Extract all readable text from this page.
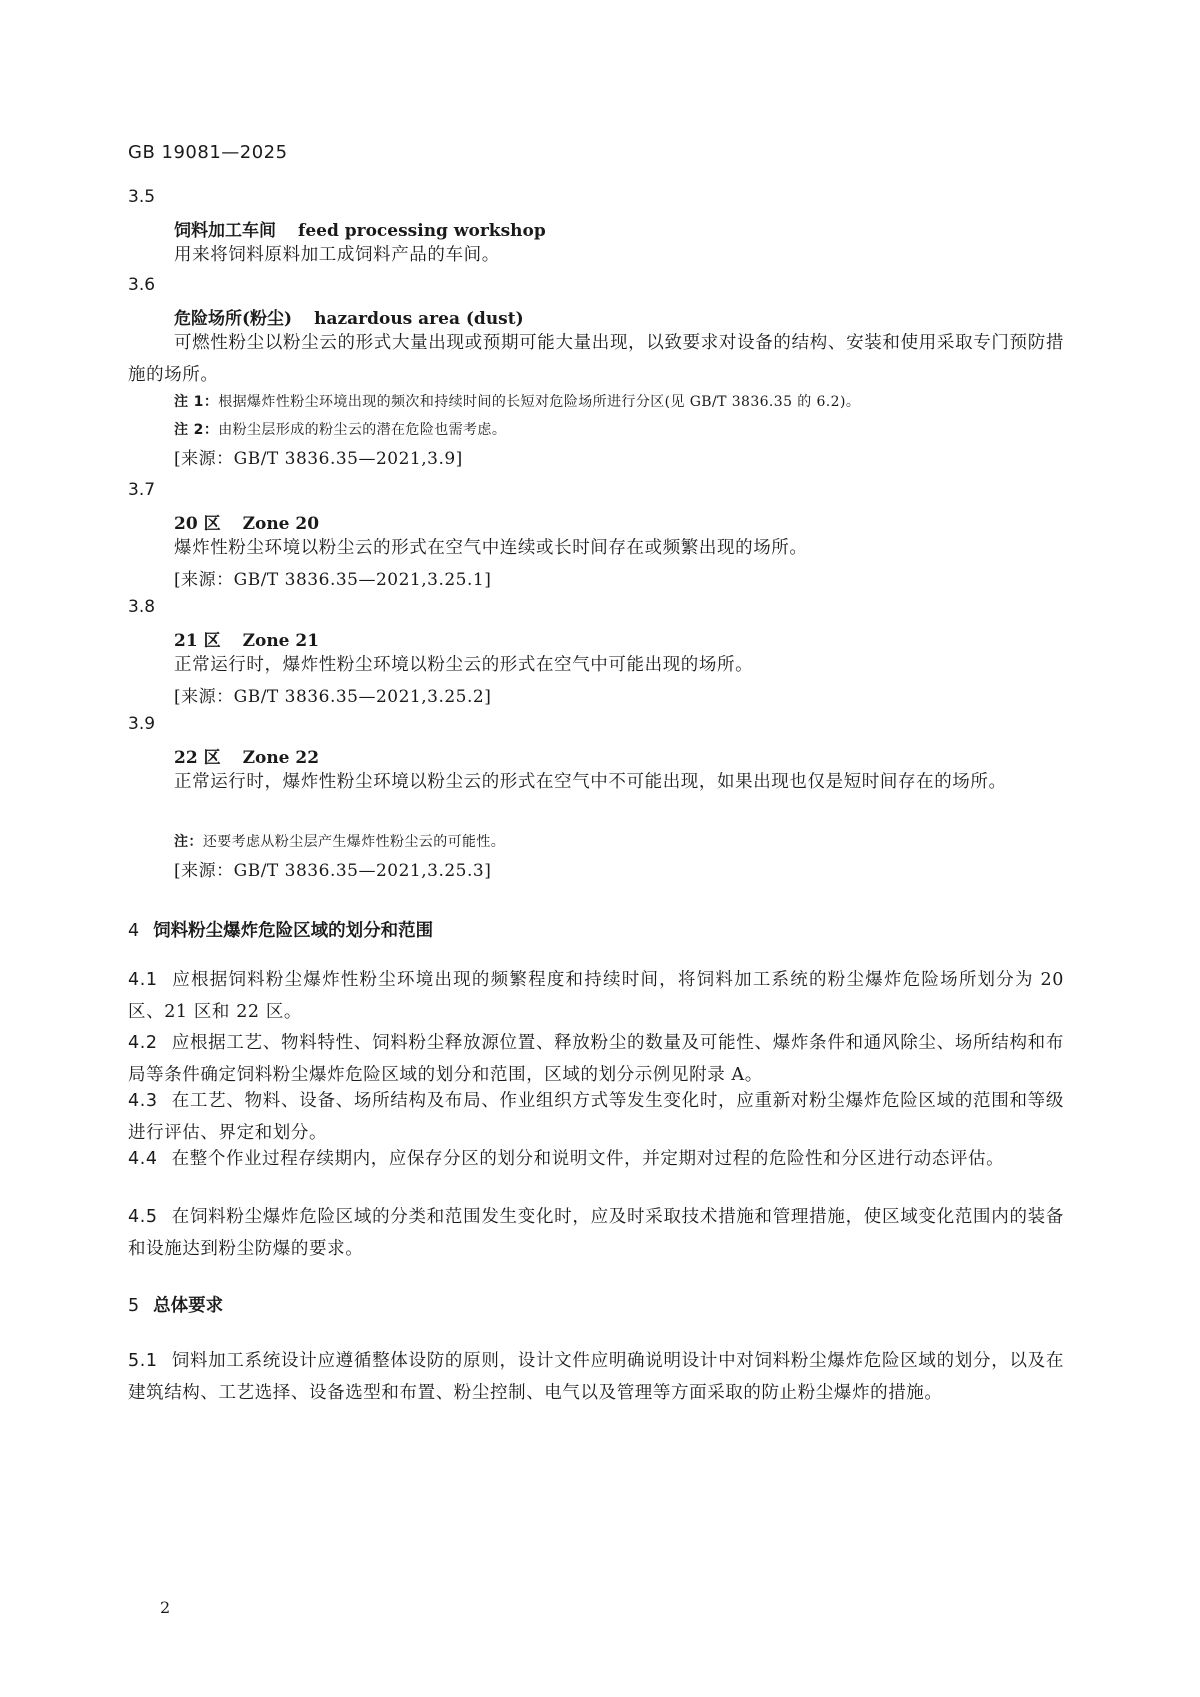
GB 19081—2025

3.5

饲料加工车间 feed processing workshop

用来将饲料原料加工成饲料产品的车间。

3.6

危险场所(粉尘) hazardous area (dust)

可燃性粉尘以粉尘云的形式大量出现或预期可能大量出现，以致要求对设备的结构、安装和使用采取专门预防措施的场所。

注 1：根据爆炸性粉尘环境出现的频次和持续时间的长短对危险场所进行分区(见 GB/T 3836.35 的 6.2)。

注 2：由粉尘层形成的粉尘云的潜在危险也需考虑。

[来源：GB/T 3836.35—2021,3.9]

3.7

20 区 Zone 20

爆炸性粉尘环境以粉尘云的形式在空气中连续或长时间存在或频繁出现的场所。

[来源：GB/T 3836.35—2021,3.25.1]

3.8

21 区 Zone 21

正常运行时，爆炸性粉尘环境以粉尘云的形式在空气中可能出现的场所。

[来源：GB/T 3836.35—2021,3.25.2]

3.9

22 区 Zone 22

正常运行时，爆炸性粉尘环境以粉尘云的形式在空气中不可能出现，如果出现也仅是短时间存在的场所。

注：还要考虑从粉尘层产生爆炸性粉尘云的可能性。

[来源：GB/T 3836.35—2021,3.25.3]

4 饲料粉尘爆炸危险区域的划分和范围

4.1 应根据饲料粉尘爆炸性粉尘环境出现的频繁程度和持续时间，将饲料加工系统的粉尘爆炸危险场所划分为 20 区、21 区和 22 区。

4.2 应根据工艺、物料特性、饲料粉尘释放源位置、释放粉尘的数量及可能性、爆炸条件和通风除尘、场所结构和布局等条件确定饲料粉尘爆炸危险区域的划分和范围，区域的划分示例见附录 A。

4.3 在工艺、物料、设备、场所结构及布局、作业组织方式等发生变化时，应重新对粉尘爆炸危险区域的范围和等级进行评估、界定和划分。

4.4 在整个作业过程存续期内，应保存分区的划分和说明文件，并定期对过程的危险性和分区进行动态评估。

4.5 在饲料粉尘爆炸危险区域的分类和范围发生变化时，应及时采取技术措施和管理措施，使区域变化范围内的装备和设施达到粉尘防爆的要求。

5 总体要求

5.1 饲料加工系统设计应遵循整体设防的原则，设计文件应明确说明设计中对饲料粉尘爆炸危险区域的划分，以及在建筑结构、工艺选择、设备选型和布置、粉尘控制、电气以及管理等方面采取的防止粉尘爆炸的措施。

2
